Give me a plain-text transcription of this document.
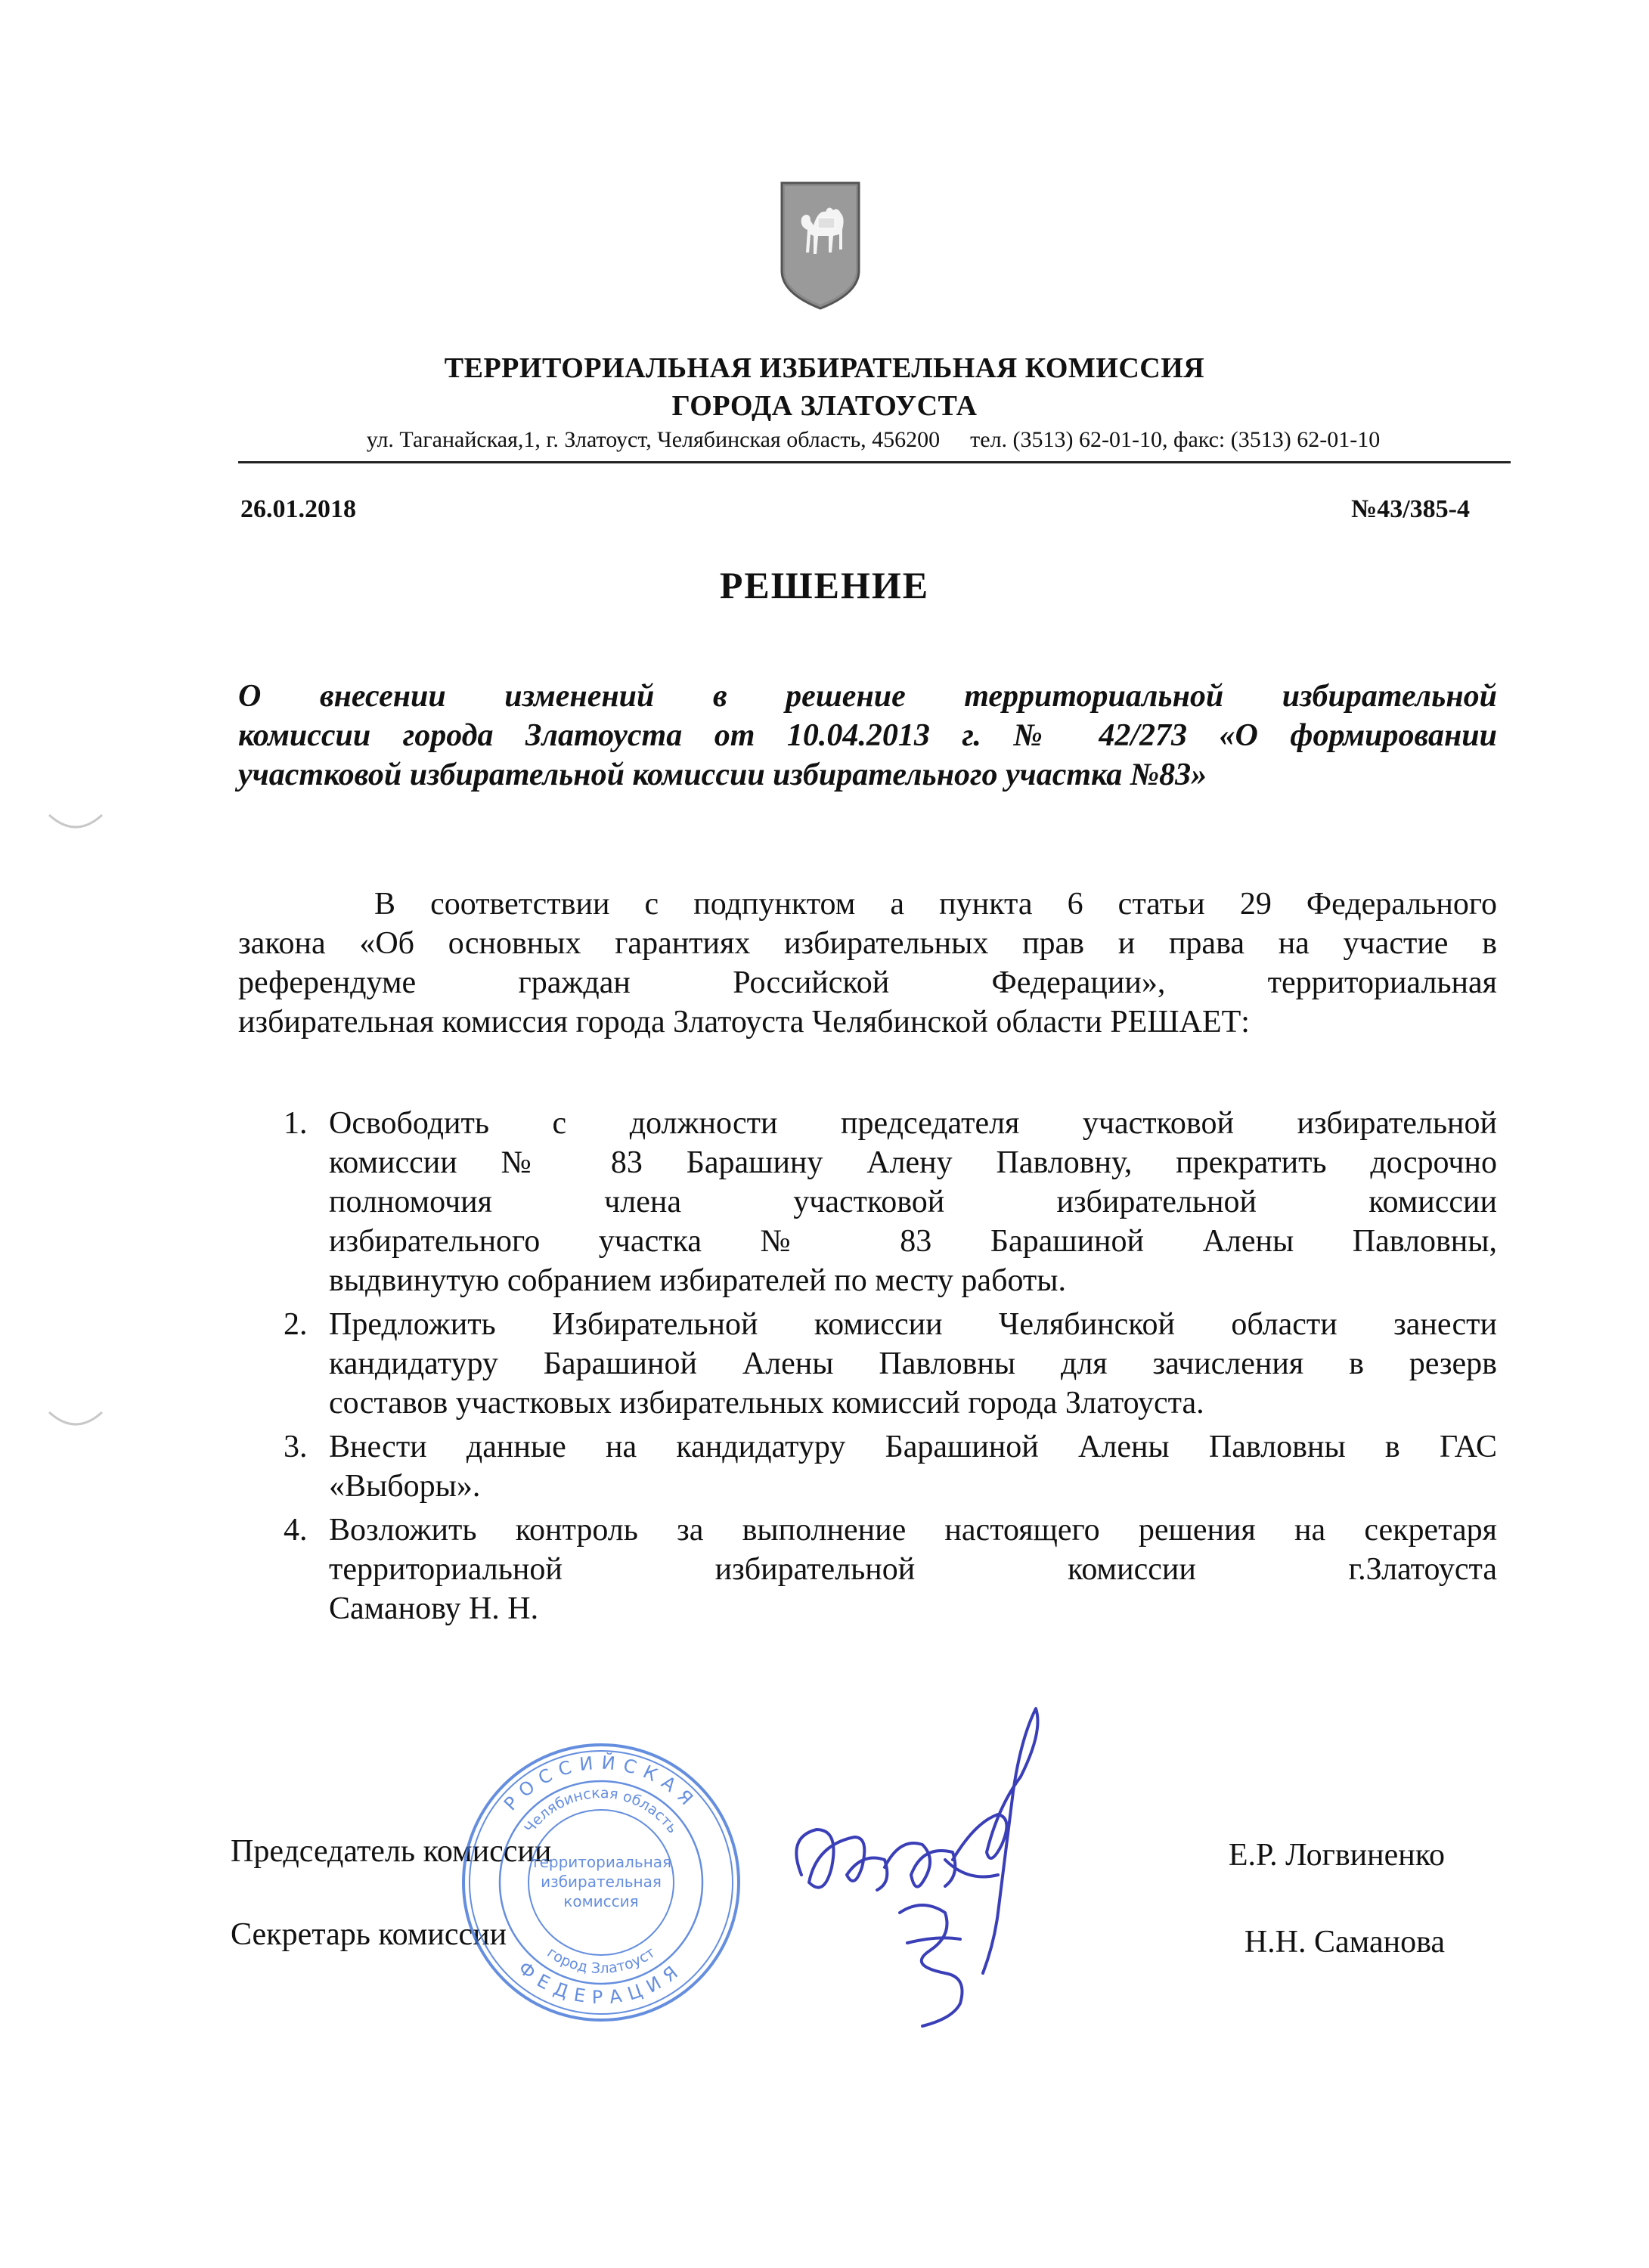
ТЕРРИТОРИАЛЬНАЯ ИЗБИРАТЕЛЬНАЯ КОМИССИЯ
ГОРОДА ЗЛАТОУСТА
ул. Таганайская,1, г. Златоуст, Челябинская область, 456200 тел. (3513) 62-01-10, факс: (3513) 62-01-10
26.01.2018	№43/385-4
РЕШЕНИЕ
О внесении изменений в решение территориальной избирательной
комиссии города Златоуста от 10.04.2013 г. № 42/273 «О формировании
участковой избирательной комиссии избирательного участка №83»
В соответствии с подпунктом а пункта 6 статьи 29 Федерального
закона «Об основных гарантиях избирательных прав и права на участие в
референдуме граждан Российской Федерации», территориальная
избирательная комиссия города Златоуста Челябинской области РЕШАЕТ:
1. Освободить с должности председателя участковой избирательной
комиссии № 83 Барашину Алену Павловну, прекратить досрочно
полномочия члена участковой избирательной комиссии
избирательного участка № 83 Барашиной Алены Павловны,
выдвинутую собранием избирателей по месту работы.
2. Предложить Избирательной комиссии Челябинской области занести
кандидатуру Барашиной Алены Павловны для зачисления в резерв
составов участковых избирательных комиссий города Златоуста.
3. Внести данные на кандидатуру Барашиной Алены Павловны в ГАС
«Выборы».
4. Возложить контроль за выполнение настоящего решения на секретаря
территориальной избирательной комиссии г.Златоуста
Саманову Н. Н.
Председатель комиссии
Секретарь комиссии
Е.Р. Логвиненко
Н.Н. Саманова
РОССИЙСКАЯ
ФЕДЕРАЦИЯ
Челябинская область
город Златоуст
территориальная
избирательная
комиссия
